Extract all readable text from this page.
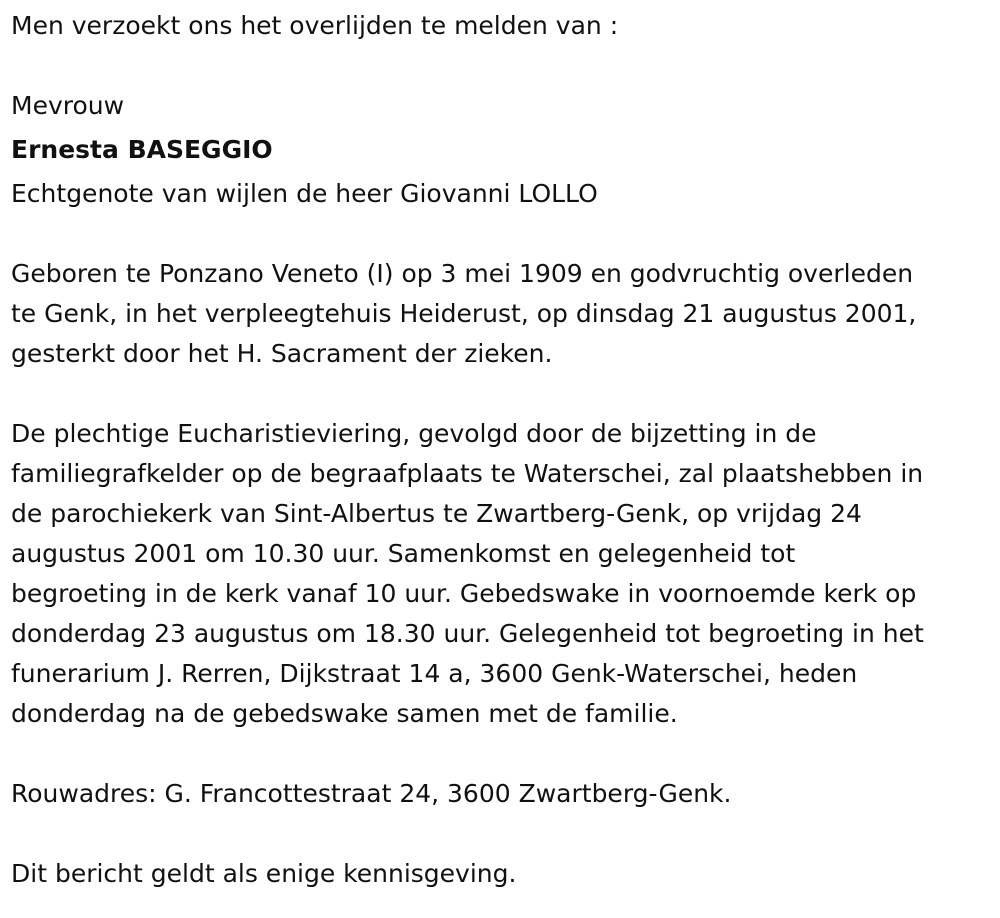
Men verzoekt ons het overlijden te melden van :

Mevrouw

Ernesta BASEGGIO

Echtgenote van wijlen de heer Giovanni LOLLO

Geboren te Ponzano Veneto (I) op 3 mei 1909 en godvruchtig overleden

te Genk, in het verpleegtehuis Heiderust, op dinsdag 21 augustus 2001,

gesterkt door het H. Sacrament der zieken.

De plechtige Eucharistieviering, gevolgd door de bijzetting in de

familiegrafkelder op de begraafplaats te Waterschei, zal plaatshebben in

de parochiekerk van Sint-Albertus te Zwartberg-Genk, op vrijdag 24

augustus 2001 om 10.30 uur. Samenkomst en gelegenheid tot

begroeting in de kerk vanaf 10 uur. Gebedswake in voornoemde kerk op

donderdag 23 augustus om 18.30 uur. Gelegenheid tot begroeting in het

funerarium J. Rerren, Dijkstraat 14 a, 3600 Genk-Waterschei, heden

donderdag na de gebedswake samen met de familie.

Rouwadres: G. Francottestraat 24, 3600 Zwartberg-Genk.

Dit bericht geldt als enige kennisgeving.
